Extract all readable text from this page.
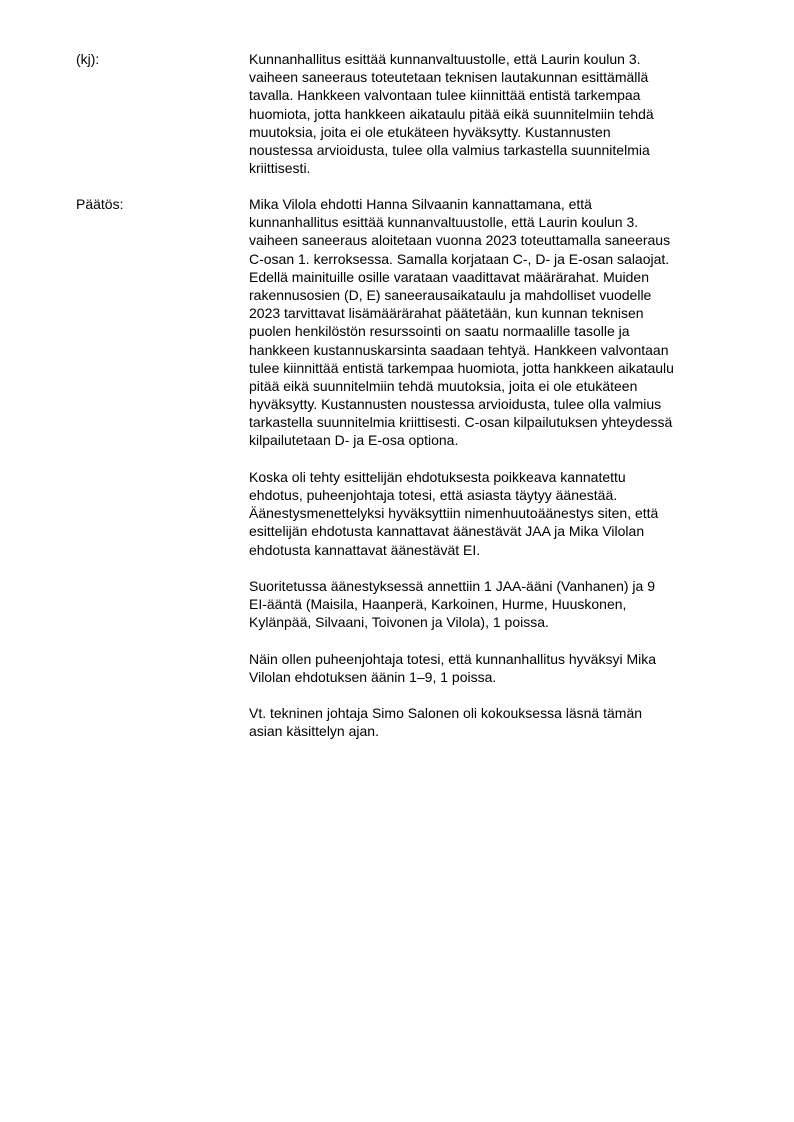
(kj):	Kunnanhallitus esittää kunnanvaltuustolle, että Laurin koulun 3.
vaiheen saneeraus toteutetaan teknisen lautakunnan esittämällä
tavalla. Hankkeen valvontaan tulee kiinnittää entistä tarkempaa
huomiota, jotta hankkeen aikataulu pitää eikä suunnitelmiin tehdä
muutoksia, joita ei ole etukäteen hyväksytty. Kustannusten
noustessa arvioidusta, tulee olla valmius tarkastella suunnitelmia
kriittisesti.

Päätös:	Mika Vilola ehdotti Hanna Silvaanin kannattamana, että
kunnanhallitus esittää kunnanvaltuustolle, että Laurin koulun 3.
vaiheen saneeraus aloitetaan vuonna 2023 toteuttamalla saneeraus
C-osan 1. kerroksessa. Samalla korjataan C-, D- ja E-osan salaojat.
Edellä mainituille osille varataan vaadittavat määrärahat. Muiden
rakennusosien (D, E) saneerausaikataulu ja mahdolliset vuodelle
2023 tarvittavat lisämäärärahat päätetään, kun kunnan teknisen
puolen henkilöstön resurssointi on saatu normaalille tasolle ja
hankkeen kustannuskarsinta saadaan tehtyä. Hankkeen valvontaan
tulee kiinnittää entistä tarkempaa huomiota, jotta hankkeen aikataulu
pitää eikä suunnitelmiin tehdä muutoksia, joita ei ole etukäteen
hyväksytty. Kustannusten noustessa arvioidusta, tulee olla valmius
tarkastella suunnitelmia kriittisesti. C-osan kilpailutuksen yhteydessä
kilpailutetaan D- ja E-osa optiona.

Koska oli tehty esittelijän ehdotuksesta poikkeava kannatettu
ehdotus, puheenjohtaja totesi, että asiasta täytyy äänestää.
Äänestysmenettelyksi hyväksyttiin nimenhuutoäänestys siten, että
esittelijän ehdotusta kannattavat äänestävät JAA ja Mika Vilolan
ehdotusta kannattavat äänestävät EI.

Suoritetussa äänestyksessä annettiin 1 JAA-ääni (Vanhanen) ja 9
EI-ääntä (Maisila, Haanperä, Karkoinen, Hurme, Huuskonen,
Kylänpää, Silvaani, Toivonen ja Vilola), 1 poissa.

Näin ollen puheenjohtaja totesi, että kunnanhallitus hyväksyi Mika
Vilolan ehdotuksen äänin 1–9, 1 poissa.

Vt. tekninen johtaja Simo Salonen oli kokouksessa läsnä tämän
asian käsittelyn ajan.
